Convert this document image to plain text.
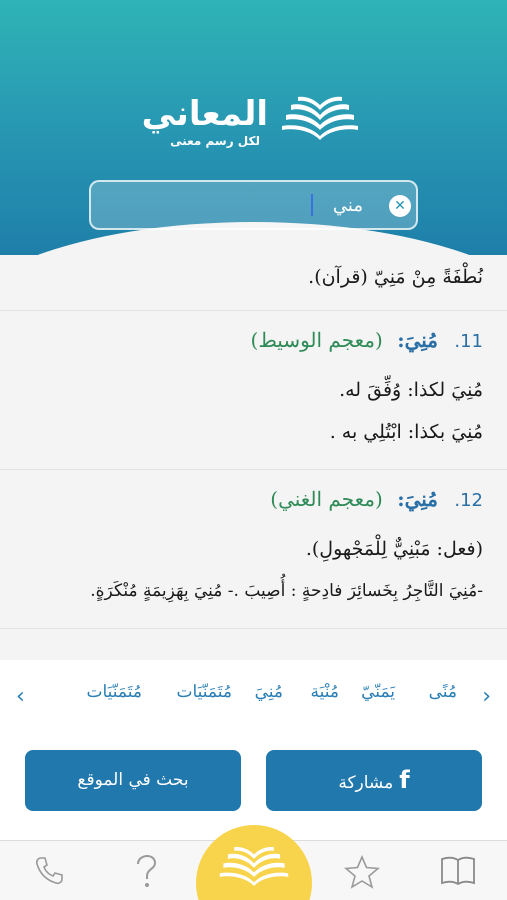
المعاني
لكل رسم معنى
مني
✕
نُطْفَةً مِنْ مَنِيّ (قرآن).
11. مُنِيَ: (معجم الوسيط)
مُنِيَ لكذا: وُفِّقَ له.
مُنِيَ بكذا: ابْتُلِي به .
12. مُنِيَ: (معجم الغني)
(فعل: مَبْنِيٌّ لِلْمَجْهولِ).
-مُنِيَ التَّاجِرُ بِخَسائِرَ فادِحةٍ : أُصِيبَ .- مُنِيَ بِهَزِيمَةٍ مُنْكَرَةٍ.
›
مُنًى
يَمَنّيّ
مُنْيَة
مُنِيَ
مُتَمَنّيَات
مُتَمَنّيَات
‹
fمشاركة
بحث في الموقع
